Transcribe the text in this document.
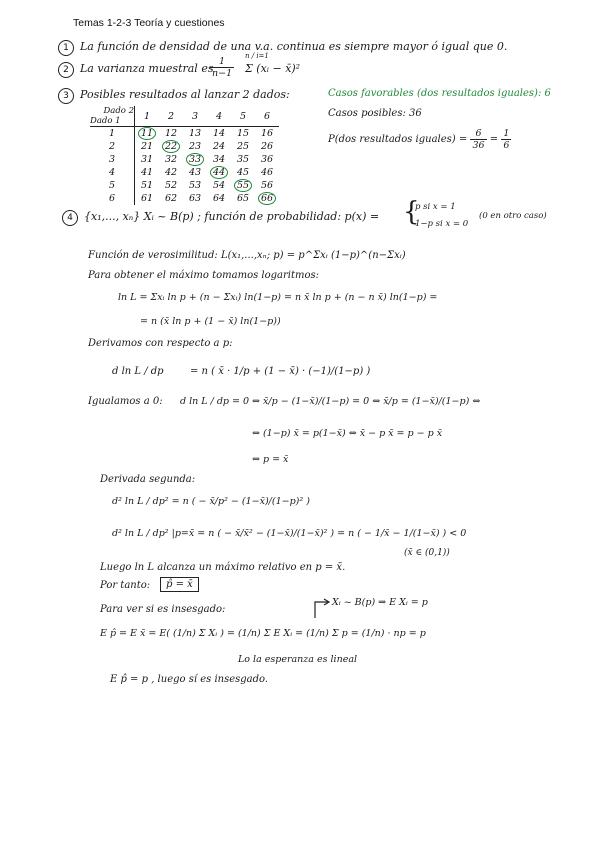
Temas 1-2-3 Teoría y cuestiones
1	La función de densidad de una v.a. continua es siempre mayor ó igual que 0.
2	La varianza muestral es
$\frac{1}{n-1}$ n / i=1
Σ (xᵢ − x̄)²
3	Posibles resultados al lanzar 2 dados:
Dado 2
Dado 1	1	2	3	4	5	6
1	11	12	13	14	15	16
2	21	22	23	24	25	26
3	31	32	33	34	35	36
4	41	42	43	44	45	46
5	51	52	53	54	55	56
6	61	62	63	64	65	66
Casos favorables (dos resultados iguales): 6
Casos posibles: 36
P(dos resultados iguales) = $\frac{6}{36} = \frac{1}{6}$
4	{x₁,..., xₙ} Xᵢ ~ B(p) ; función de probabilidad: p(x) = {
p si x = 1
1−p si x = 0
(0 en otro caso)
Función de verosimilitud: L(x₁,...,xₙ; p) = p^Σxᵢ (1−p)^(n−Σxᵢ)
Para obtener el máximo tomamos logaritmos:
ln L = Σxᵢ ln p + (n − Σxᵢ) ln(1−p) = n x̄ ln p + (n − n x̄) ln(1−p) =
= n (x̄ ln p + (1 − x̄) ln(1−p))
Derivamos con respecto a p:
d ln L / dp	= n ( x̄ · 1/p + (1 − x̄) · (−1)/(1−p) )
Igualamos a 0: d ln L / dp = 0 ⇔ x̄/p − (1−x̄)/(1−p) = 0 ⇔ x̄/p = (1−x̄)/(1−p) ⇔
⇔ (1−p) x̄ = p(1−x̄) ⇔ x̄ − p x̄ = p − p x̄
⇔ p = x̄
Derivada segunda:
d² ln L / dp² = n ( − x̄/p² − (1−x̄)/(1−p)² )
d² ln L / dp² |p=x̄ = n ( − x̄/x̄² − (1−x̄)/(1−x̄)² ) = n ( − 1/x̄ − 1/(1−x̄) ) < 0
(x̄ ∈ (0,1))
Luego ln L alcanza un máximo relativo en p = x̄.
Por tanto:	p̂ = x̄
Para ver si es insesgado:
Xᵢ ~ B(p) ⇒ E Xᵢ = p
E p̂ = E x̄ = E( (1/n) Σ Xᵢ ) = (1/n) Σ E Xᵢ = (1/n) Σ p = (1/n) · np = p
Lo la esperanza es lineal
E p̂ = p , luego sí es insesgado.
